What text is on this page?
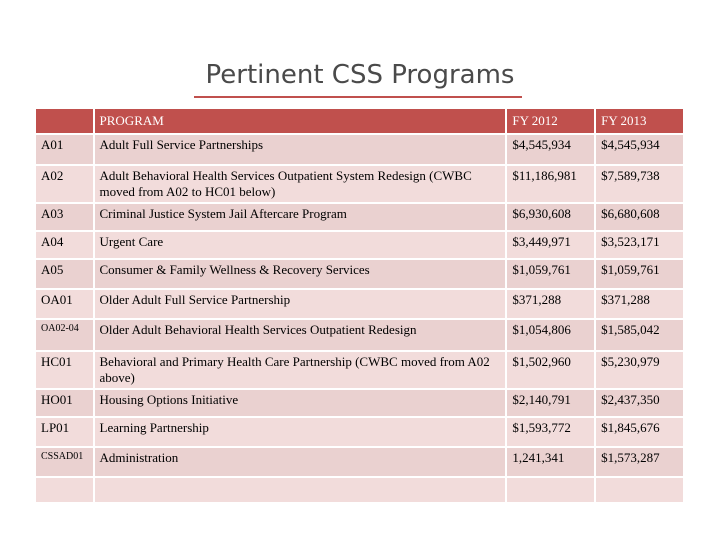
Pertinent CSS Programs
	PROGRAM	FY 2012	FY 2013
A01	Adult Full Service Partnerships	$4,545,934	$4,545,934
A02	Adult Behavioral Health Services Outpatient System Redesign (CWBC moved from A02 to HC01 below)	$11,186,981	$7,589,738
A03	Criminal Justice System Jail Aftercare Program	$6,930,608	$6,680,608
A04	Urgent Care	$3,449,971	$3,523,171
A05	Consumer & Family Wellness & Recovery Services	$1,059,761	$1,059,761
OA01	Older Adult Full Service Partnership	$371,288	$371,288
OA02-04	Older Adult Behavioral Health Services Outpatient Redesign	$1,054,806	$1,585,042
HC01	Behavioral and Primary Health Care Partnership (CWBC moved from A02 above)	$1,502,960	$5,230,979
HO01	Housing Options Initiative	$2,140,791	$2,437,350
LP01	Learning Partnership	$1,593,772	$1,845,676
CSSAD01	Administration	1,241,341	$1,573,287
